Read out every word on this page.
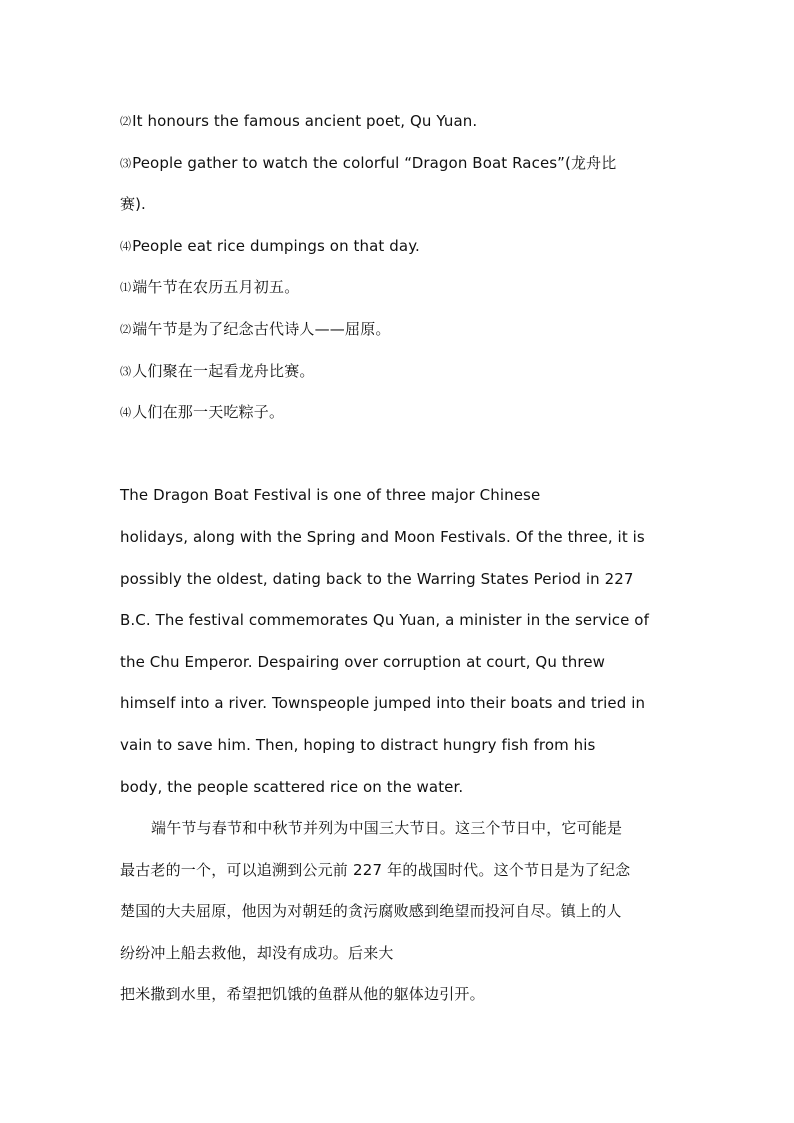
⑵It honours the famous ancient poet, Qu Yuan.

⑶People gather to watch the colorful “Dragon Boat Races”(龙舟比

赛).

⑷People eat rice dumpings on that day.

⑴端午节在农历五月初五。

⑵端午节是为了纪念古代诗人——屈原。

⑶人们聚在一起看龙舟比赛。

⑷人们在那一天吃粽子。

The Dragon Boat Festival is one of three major Chinese

holidays, along with the Spring and Moon Festivals. Of the three, it is

possibly the oldest, dating back to the Warring States Period in 227

B.C. The festival commemorates Qu Yuan, a minister in the service of

the Chu Emperor. Despairing over corruption at court, Qu threw

himself into a river. Townspeople jumped into their boats and tried in

vain to save him. Then, hoping to distract hungry fish from his

body, the people scattered rice on the water.

端午节与春节和中秋节并列为中国三大节日。这三个节日中，它可能是

最古老的一个，可以追溯到公元前 227 年的战国时代。这个节日是为了纪念

楚国的大夫屈原，他因为对朝廷的贪污腐败感到绝望而投河自尽。镇上的人

纷纷冲上船去救他，却没有成功。后来大

把米撒到水里，希望把饥饿的鱼群从他的躯体边引开。
